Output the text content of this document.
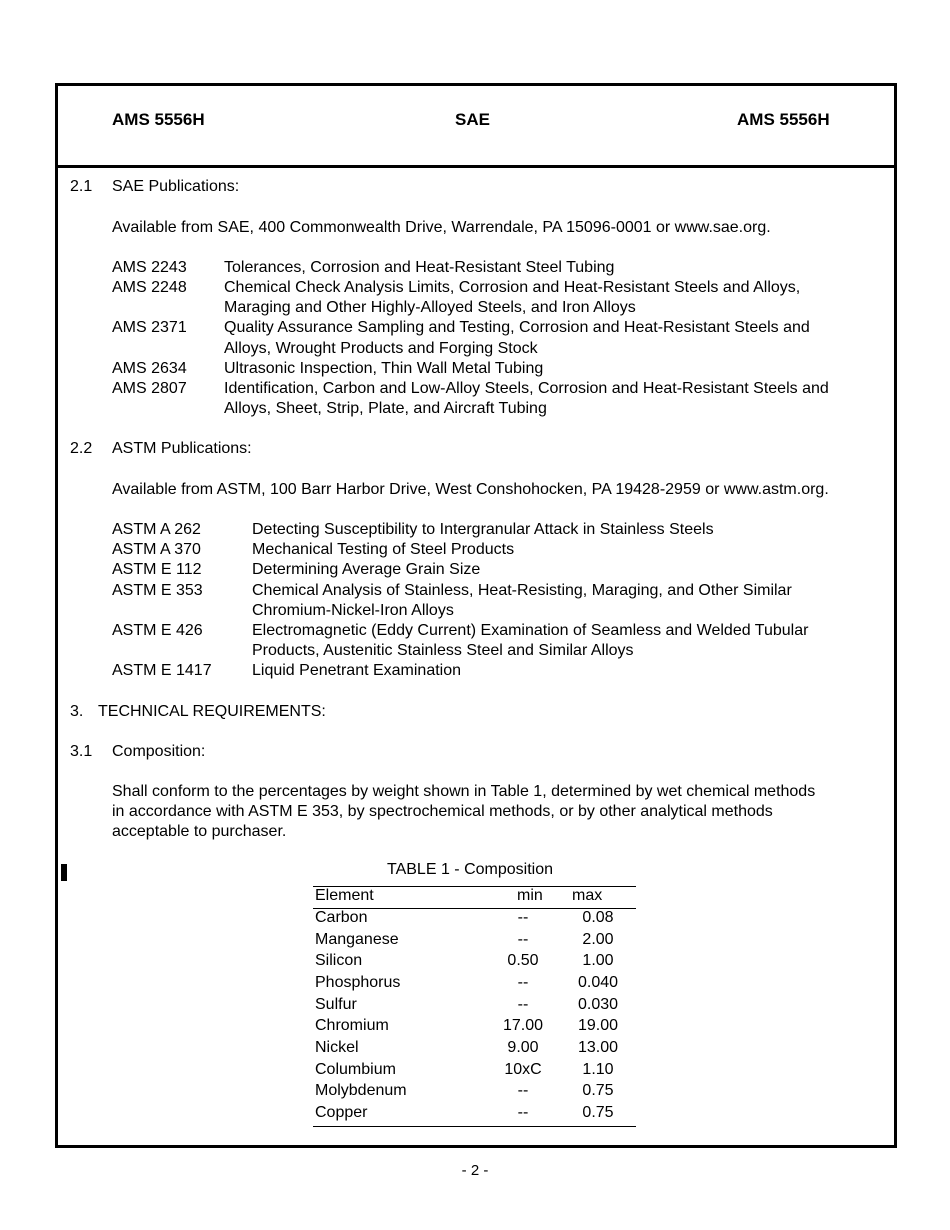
AMS 5556H	SAE	AMS 5556H
2.1 SAE Publications:
Available from SAE, 400 Commonwealth Drive, Warrendale, PA 15096-0001 or www.sae.org.
AMS 2243 Tolerances, Corrosion and Heat-Resistant Steel Tubing
AMS 2248 Chemical Check Analysis Limits, Corrosion and Heat-Resistant Steels and Alloys,
Maraging and Other Highly-Alloyed Steels, and Iron Alloys
AMS 2371 Quality Assurance Sampling and Testing, Corrosion and Heat-Resistant Steels and
Alloys, Wrought Products and Forging Stock
AMS 2634 Ultrasonic Inspection, Thin Wall Metal Tubing
AMS 2807 Identification, Carbon and Low-Alloy Steels, Corrosion and Heat-Resistant Steels and
Alloys, Sheet, Strip, Plate, and Aircraft Tubing
2.2 ASTM Publications:
Available from ASTM, 100 Barr Harbor Drive, West Conshohocken, PA 19428-2959 or www.astm.org.
ASTM A 262	Detecting Susceptibility to Intergranular Attack in Stainless Steels
ASTM A 370	Mechanical Testing of Steel Products
ASTM E 112	Determining Average Grain Size
ASTM E 353	Chemical Analysis of Stainless, Heat-Resisting, Maraging, and Other Similar
Chromium-Nickel-Iron Alloys
ASTM E 426	Electromagnetic (Eddy Current) Examination of Seamless and Welded Tubular
Products, Austenitic Stainless Steel and Similar Alloys
ASTM E 1417	Liquid Penetrant Examination
3. TECHNICAL REQUIREMENTS:
3.1 Composition:
Shall conform to the percentages by weight shown in Table 1, determined by wet chemical methods
in accordance with ASTM E 353, by spectrochemical methods, or by other analytical methods
acceptable to purchaser.
TABLE 1 - Composition
Element	min max
Carbon	--	0.08
Manganese	--	2.00
Silicon	0.50	1.00
Phosphorus	--	0.040
Sulfur	--	0.030
Chromium	17.00	19.00
Nickel	9.00	13.00
Columbium	10xC	1.10
Molybdenum	--	0.75
Copper	--	0.75
- 2 -
